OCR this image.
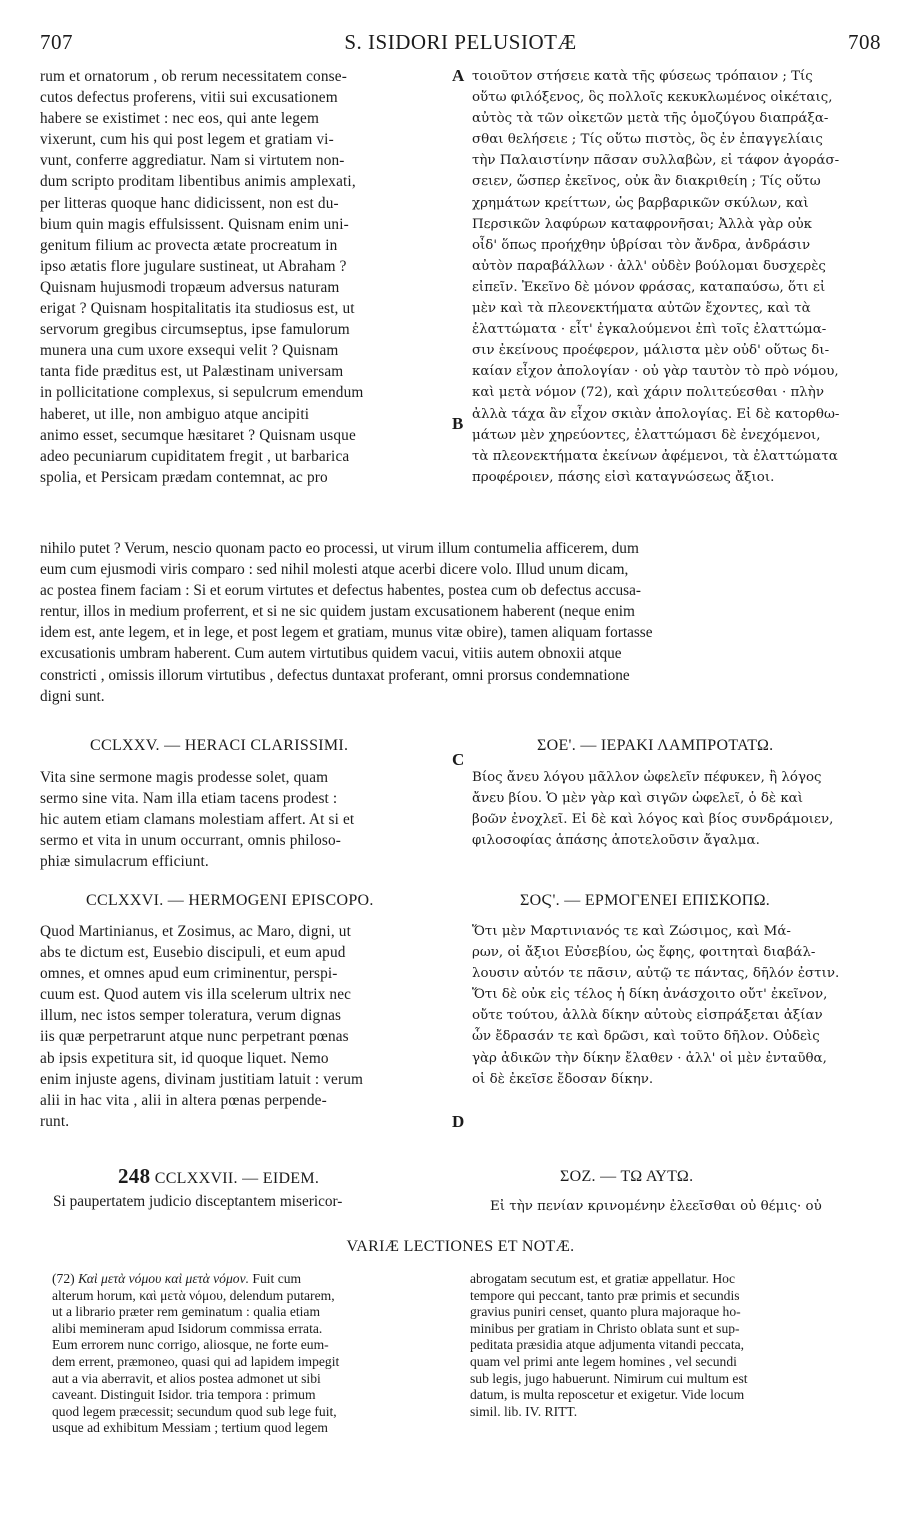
707	S. ISIDORI PELUSIOTÆ	708

rum et ornatorum , ob rerum necessitatem conse-

cutos defectus proferens, vitii sui excusationem

habere se existimet : nec eos, qui ante legem

vixerunt, cum his qui post legem et gratiam vi-

vunt, conferre aggrediatur. Nam si virtutem non-

dum scripto proditam libentibus animis amplexati,

per litteras quoque hanc didicissent, non est du-

bium quin magis effulsissent. Quisnam enim uni-

genitum filium ac provecta ætate procreatum in

ipso ætatis flore jugulare sustineat, ut Abraham ?

Quisnam hujusmodi tropæum adversus naturam

erigat ? Quisnam hospitalitatis ita studiosus est, ut

servorum gregibus circumseptus, ipse famulorum

munera una cum uxore exsequi velit ? Quisnam

tanta fide præditus est, ut Palæstinam universam

in pollicitatione complexus, si sepulcrum emendum

haberet, ut ille, non ambiguo atque ancipiti

animo esset, secumque hæsitaret ? Quisnam usque

adeo pecuniarum cupiditatem fregit , ut barbarica

spolia, et Persicam prædam contemnat, ac pro

A τοιοῦτον στήσειε κατὰ τῆς φύσεως τρόπαιον ; Τίς

οὕτω φιλόξενος, ὃς πολλοῖς κεκυκλωμένος οἰκέταις,

αὐτὸς τὰ τῶν οἰκετῶν μετὰ τῆς ὁμοζύγου διαπράξα-

σθαι θελήσειε ; Τίς οὕτω πιστὸς, ὃς ἐν ἐπαγγελίαις

τὴν Παλαιστίνην πᾶσαν συλλαβὼν, εἰ τάφον ἀγοράσ-

σειεν, ὥσπερ ἐκεῖνος, οὐκ ἂν διακριθείη ; Τίς οὕτω

χρημάτων κρείττων, ὡς βαρβαρικῶν σκύλων, καὶ

Περσικῶν λαφύρων καταφρονῆσαι; Ἀλλὰ γὰρ οὐκ

οἶδ' ὅπως προήχθην ὑβρίσαι τὸν ἄνδρα, ἀνδράσιν

αὐτὸν παραβάλλων · ἀλλ' οὐδὲν βούλομαι δυσχερὲς

εἰπεῖν. Ἐκεῖνο δὲ μόνον φράσας, καταπαύσω, ὅτι εἰ

μὲν καὶ τὰ πλεονεκτήματα αὐτῶν ἔχοντες, καὶ τὰ

ἐλαττώματα · εἶτ' ἐγκαλούμενοι ἐπὶ τοῖς ἐλαττώμα-

σιν ἐκείνους προέφερον, μάλιστα μὲν οὐδ' οὕτως δι-

καίαν εἶχον ἀπολογίαν · οὐ γὰρ ταυτὸν τὸ πρὸ νόμου,

καὶ μετὰ νόμον (72), καὶ χάριν πολιτεύεσθαι · πλὴν

ἀλλὰ τάχα ἂν εἶχον σκιὰν ἀπολογίας. Εἰ δὲ κατορθω-

μάτων μὲν χηρεύοντες, ἐλαττώμασι δὲ ἐνεχόμενοι,

τὰ πλεονεκτήματα ἐκείνων ἀφέμενοι, τὰ ἐλαττώματα

προφέροιεν, πάσης εἰσὶ καταγνώσεως ἄξιοι.

B

nihilo putet ? Verum, nescio quonam pacto eo processi, ut virum illum contumelia afficerem, dum

eum cum ejusmodi viris comparo : sed nihil molesti atque acerbi dicere volo. Illud unum dicam,

ac postea finem faciam : Si et eorum virtutes et defectus habentes, postea cum ob defectus accusa-

rentur, illos in medium proferrent, et si ne sic quidem justam excusationem haberent (neque enim

idem est, ante legem, et in lege, et post legem et gratiam, munus vitæ obire), tamen aliquam fortasse

excusationis umbram haberent. Cum autem virtutibus quidem vacui, vitiis autem obnoxii atque

constricti , omissis illorum virtutibus , defectus duntaxat proferant, omni prorsus condemnatione

digni sunt.

CCLXXV. — HERACI CLARISSIMI.
C
ΣΟΕ'. — ΙΕΡΑΚΙ ΛΑΜΠΡΟΤΑΤΩ.

Vita sine sermone magis prodesse solet, quam

sermo sine vita. Nam illa etiam tacens prodest :

hic autem etiam clamans molestiam affert. At si et

sermo et vita in unum occurrant, omnis philoso-

phiæ simulacrum efficiunt.

Βίος ἄνευ λόγου μᾶλλον ὠφελεῖν πέφυκεν, ἢ λόγος

ἄνευ βίου. Ὁ μὲν γὰρ καὶ σιγῶν ὠφελεῖ, ὁ δὲ καὶ

βοῶν ἐνοχλεῖ. Εἰ δὲ καὶ λόγος καὶ βίος συνδράμοιεν,

φιλοσοφίας ἁπάσης ἀποτελοῦσιν ἄγαλμα.

CCLXXVI. — HERMOGENI EPISCOPO.	ΣΟϚ'. — ΕΡΜΟΓΕΝΕΙ ΕΠΙΣΚΟΠΩ.

Quod Martinianus, et Zosimus, ac Maro, digni, ut

abs te dictum est, Eusebio discipuli, et eum apud

omnes, et omnes apud eum criminentur, perspi-

cuum est. Quod autem vis illa scelerum ultrix nec

illum, nec istos semper toleratura, verum dignas

iis quæ perpetrarunt atque nunc perpetrant pœnas

ab ipsis expetitura sit, id quoque liquet. Nemo

enim injuste agens, divinam justitiam latuit : verum

alii in hac vita , alii in altera pœnas perpende-

runt.

Ὅτι μὲν Μαρτινιανός τε καὶ Ζώσιμος, καὶ Μά-

ρων, οἱ ἄξιοι Εὐσεβίου, ὡς ἔφης, φοιτηταὶ διαβάλ-

λουσιν αὐτόν τε πᾶσιν, αὐτῷ τε πάντας, δῆλόν ἐστιν.

Ὅτι δὲ οὐκ εἰς τέλος ἡ δίκη ἀνάσχοιτο οὔτ' ἐκεῖνον,

οὔτε τούτου, ἀλλὰ δίκην αὐτοὺς εἰσπράξεται ἀξίαν

ὧν ἔδρασάν τε καὶ δρῶσι, καὶ τοῦτο δῆλον. Οὐδεὶς

γὰρ ἀδικῶν τὴν δίκην ἔλαθεν · ἀλλ' οἱ μὲν ἐνταῦθα,

οἱ δὲ ἐκεῖσε ἔδοσαν δίκην.

D
248 CCLXXVII. — EIDEM.	ΣΟΖ. — ΤΩ ΑΥΤΩ.
Si paupertatem judicio disceptantem misericor-	Εἰ τὴν πενίαν κρινομένην ἐλεεῖσθαι οὐ θέμις· οὐ
VARIÆ LECTIONES ET NOTÆ.

(72) Καὶ μετὰ νόμου καὶ μετὰ νόμον. Fuit cum

alterum horum, καὶ μετὰ νόμου, delendum putarem,

ut a librario præter rem geminatum : qualia etiam

alibi memineram apud Isidorum commissa errata.

Eum errorem nunc corrigo, aliosque, ne forte eum-

dem errent, præmoneo, quasi qui ad lapidem impegit

aut a via aberravit, et alios postea admonet ut sibi

caveant. Distinguit Isidor. tria tempora : primum

quod legem præcessit; secundum quod sub lege fuit,

usque ad exhibitum Messiam ; tertium quod legem

abrogatam secutum est, et gratiæ appellatur. Hoc

tempore qui peccant, tanto præ primis et secundis

gravius puniri censet, quanto plura majoraque ho-

minibus per gratiam in Christo oblata sunt et sup-

peditata præsidia atque adjumenta vitandi peccata,

quam vel primi ante legem homines , vel secundi

sub legis, jugo habuerunt. Nimirum cui multum est

datum, is multa reposcetur et exigetur. Vide locum

simil. lib. IV. RITT.
